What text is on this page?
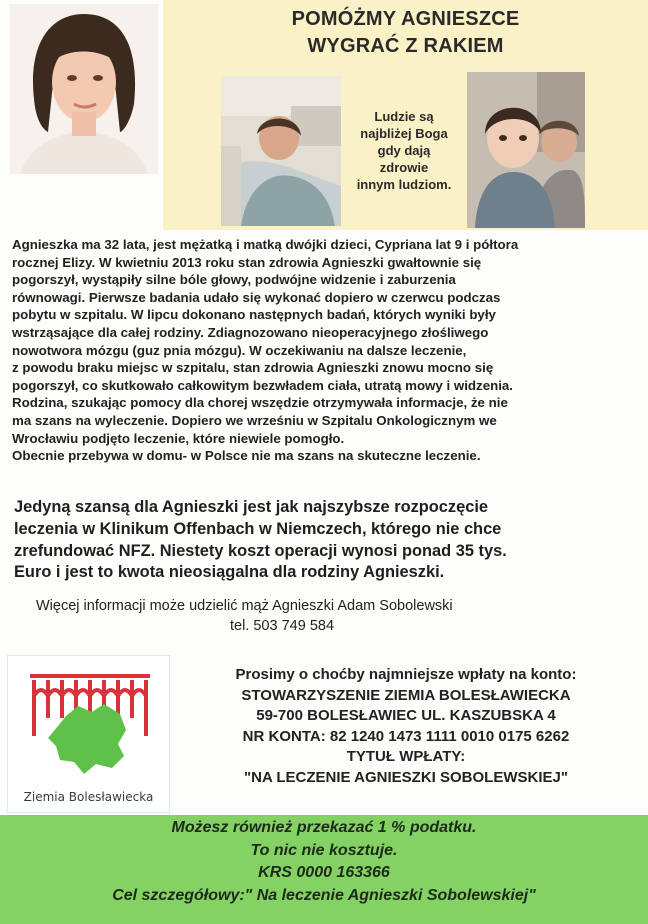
POMÓŻMY AGNIESZCE
WYGRAĆ Z RAKIEM
Ludzie są
najbliżej Boga
gdy dają
zdrowie
innym ludziom.

Agnieszka ma 32 lata, jest mężatką i matką dwójki dzieci, Cypriana lat 9 i półtora

rocznej Elizy. W kwietniu 2013 roku stan zdrowia Agnieszki gwałtownie się

pogorszył, wystąpiły silne bóle głowy, podwójne widzenie i zaburzenia

równowagi. Pierwsze badania udało się wykonać dopiero w czerwcu podczas

pobytu w szpitalu. W lipcu dokonano następnych badań, których wyniki były

wstrząsające dla całej rodziny. Zdiagnozowano nieoperacyjnego złośliwego

nowotwora mózgu (guz pnia mózgu). W oczekiwaniu na dalsze leczenie,

z powodu braku miejsc w szpitalu, stan zdrowia Agnieszki znowu mocno się

pogorszył, co skutkowało całkowitym bezwładem ciała, utratą mowy i widzenia.

Rodzina, szukając pomocy dla chorej wszędzie otrzymywała informacje, że nie

ma szans na wyleczenie. Dopiero we wrześniu w Szpitalu Onkologicznym we

Wrocławiu podjęto leczenie, które niewiele pomogło.

Obecnie przebywa w domu- w Polsce nie ma szans na skuteczne leczenie.

Jedyną szansą dla Agnieszki jest jak najszybsze rozpoczęcie
leczenia w Klinikum Offenbach w Niemczech, którego nie chce
zrefundować NFZ. Niestety koszt operacji wynosi ponad 35 tys.
Euro i jest to kwota nieosiągalna dla rodziny Agnieszki.
Więcej informacji może udzielić mąż Agnieszki Adam Sobolewski
tel. 503 749 584
Ziemia Bolesławiecka
Prosimy o choćby najmniejsze wpłaty na konto:
STOWARZYSZENIE ZIEMIA BOLESŁAWIECKA
59-700 BOLESŁAWIEC UL. KASZUBSKA 4
NR KONTA: 82 1240 1473 1111 0010 0175 6262
TYTUŁ WPŁATY:
"NA LECZENIE AGNIESZKI SOBOLEWSKIEJ"
Możesz również przekazać 1 % podatku.
To nic nie kosztuje.
KRS 0000 163366
Cel szczegółowy:" Na leczenie Agnieszki Sobolewskiej"
